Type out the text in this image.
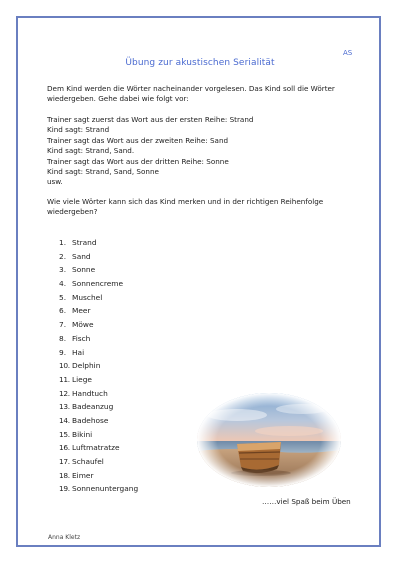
AS
Übung zur akustischen Serialität
Dem Kind werden die Wörter nacheinander vorgelesen. Das Kind soll die Wörter
wiedergeben. Gehe dabei wie folgt vor:
Trainer sagt zuerst das Wort aus der ersten Reihe: Strand
Kind sagt: Strand
Trainer sagt das Wort aus der zweiten Reihe: Sand
Kind sagt: Strand, Sand.
Trainer sagt das Wort aus der dritten Reihe: Sonne
Kind sagt: Strand, Sand, Sonne
usw.
Wie viele Wörter kann sich das Kind merken und in der richtigen Reihenfolge
wiedergeben?
1. Strand
2. Sand
3. Sonne
4. Sonnencreme
5. Muschel
6. Meer
7. Möwe
8. Fisch
9. Hai
10. Delphin
11. Liege
12. Handtuch
13. Badeanzug
14. Badehose
15. Bikini
16. Luftmatratze
17. Schaufel
18. Eimer
19. Sonnenuntergang
……viel Spaß beim Üben
Anna Kletz
